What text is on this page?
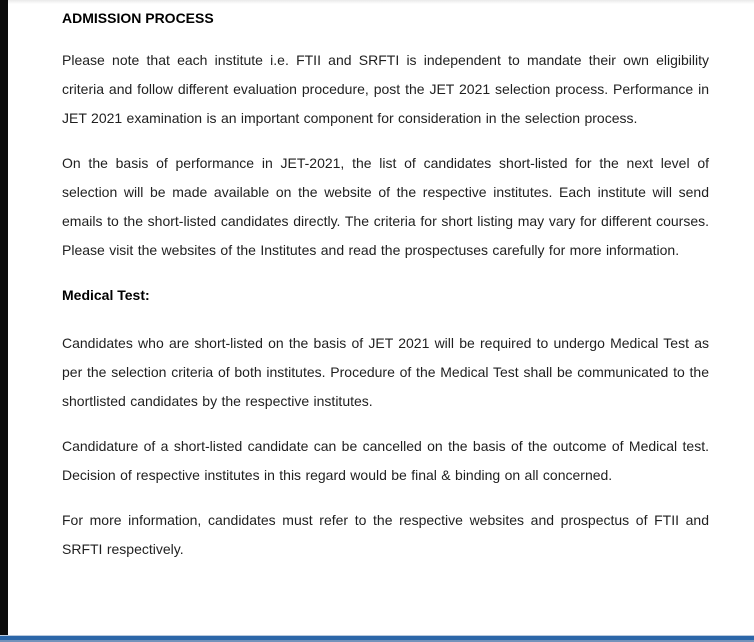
ADMISSION PROCESS

Please note that each institute i.e. FTII and SRFTI is independent to mandate their own eligibility criteria and follow different evaluation procedure, post the JET 2021 selection process. Performance in JET 2021 examination is an important component for consideration in the selection process.

On the basis of performance in JET-2021, the list of candidates short-listed for the next level of selection will be made available on the website of the respective institutes. Each institute will send emails to the short-listed candidates directly. The criteria for short listing may vary for different courses. Please visit the websites of the Institutes and read the prospectuses carefully for more information.

Medical Test:

Candidates who are short-listed on the basis of JET 2021 will be required to undergo Medical Test as per the selection criteria of both institutes. Procedure of the Medical Test shall be communicated to the shortlisted candidates by the respective institutes.

Candidature of a short-listed candidate can be cancelled on the basis of the outcome of Medical test. Decision of respective institutes in this regard would be final & binding on all concerned.

For more information, candidates must refer to the respective websites and prospectus of FTII and SRFTI respectively.
